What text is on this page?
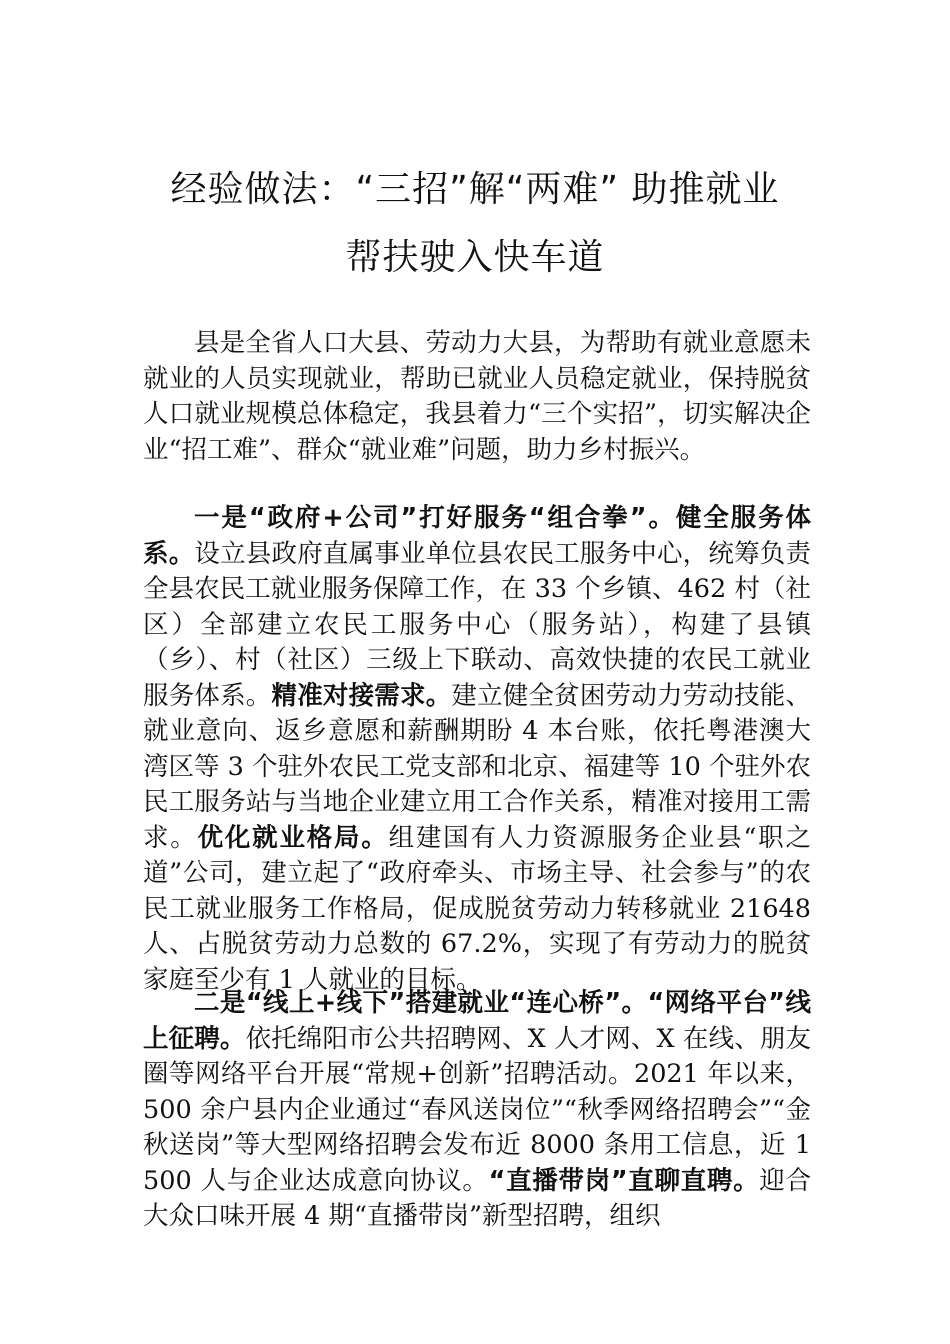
经验做法：“三招”解“两难” 助推就业
帮扶驶入快车道

县是全省人口大县、劳动力大县，为帮助有就业意愿未就业的人员实现就业，帮助已就业人员稳定就业，保持脱贫人口就业规模总体稳定，我县着力“三个实招”，切实解决企业“招工难”、群众“就业难”问题，助力乡村振兴。

一是“政府+公司”打好服务“组合拳”。健全服务体系。设立县政府直属事业单位县农民工服务中心，统筹负责全县农民工就业服务保障工作，在 33 个乡镇、462 村（社区）全部建立农民工服务中心（服务站），构建了县镇（乡）、村（社区）三级上下联动、高效快捷的农民工就业服务体系。精准对接需求。建立健全贫困劳动力劳动技能、就业意向、返乡意愿和薪酬期盼 4 本台账，依托粤港澳大湾区等 3 个驻外农民工党支部和北京、福建等 10 个驻外农民工服务站与当地企业建立用工合作关系，精准对接用工需求。优化就业格局。组建国有人力资源服务企业县“职之道”公司，建立起了“政府牵头、市场主导、社会参与”的农民工就业服务工作格局，促成脱贫劳动力转移就业 21648 人、占脱贫劳动力总数的 67.2%，实现了有劳动力的脱贫家庭至少有 1 人就业的目标。

二是“线上+线下”搭建就业“连心桥”。“网络平台”线上征聘。依托绵阳市公共招聘网、X 人才网、X 在线、朋友圈等网络平台开展“常规+创新”招聘活动。2021 年以来，500 余户县内企业通过“春风送岗位”“秋季网络招聘会”“金秋送岗”等大型网络招聘会发布近 8000 条用工信息，近 1500 人与企业达成意向协议。“直播带岗”直聊直聘。迎合大众口味开展 4 期“直播带岗”新型招聘，组织
